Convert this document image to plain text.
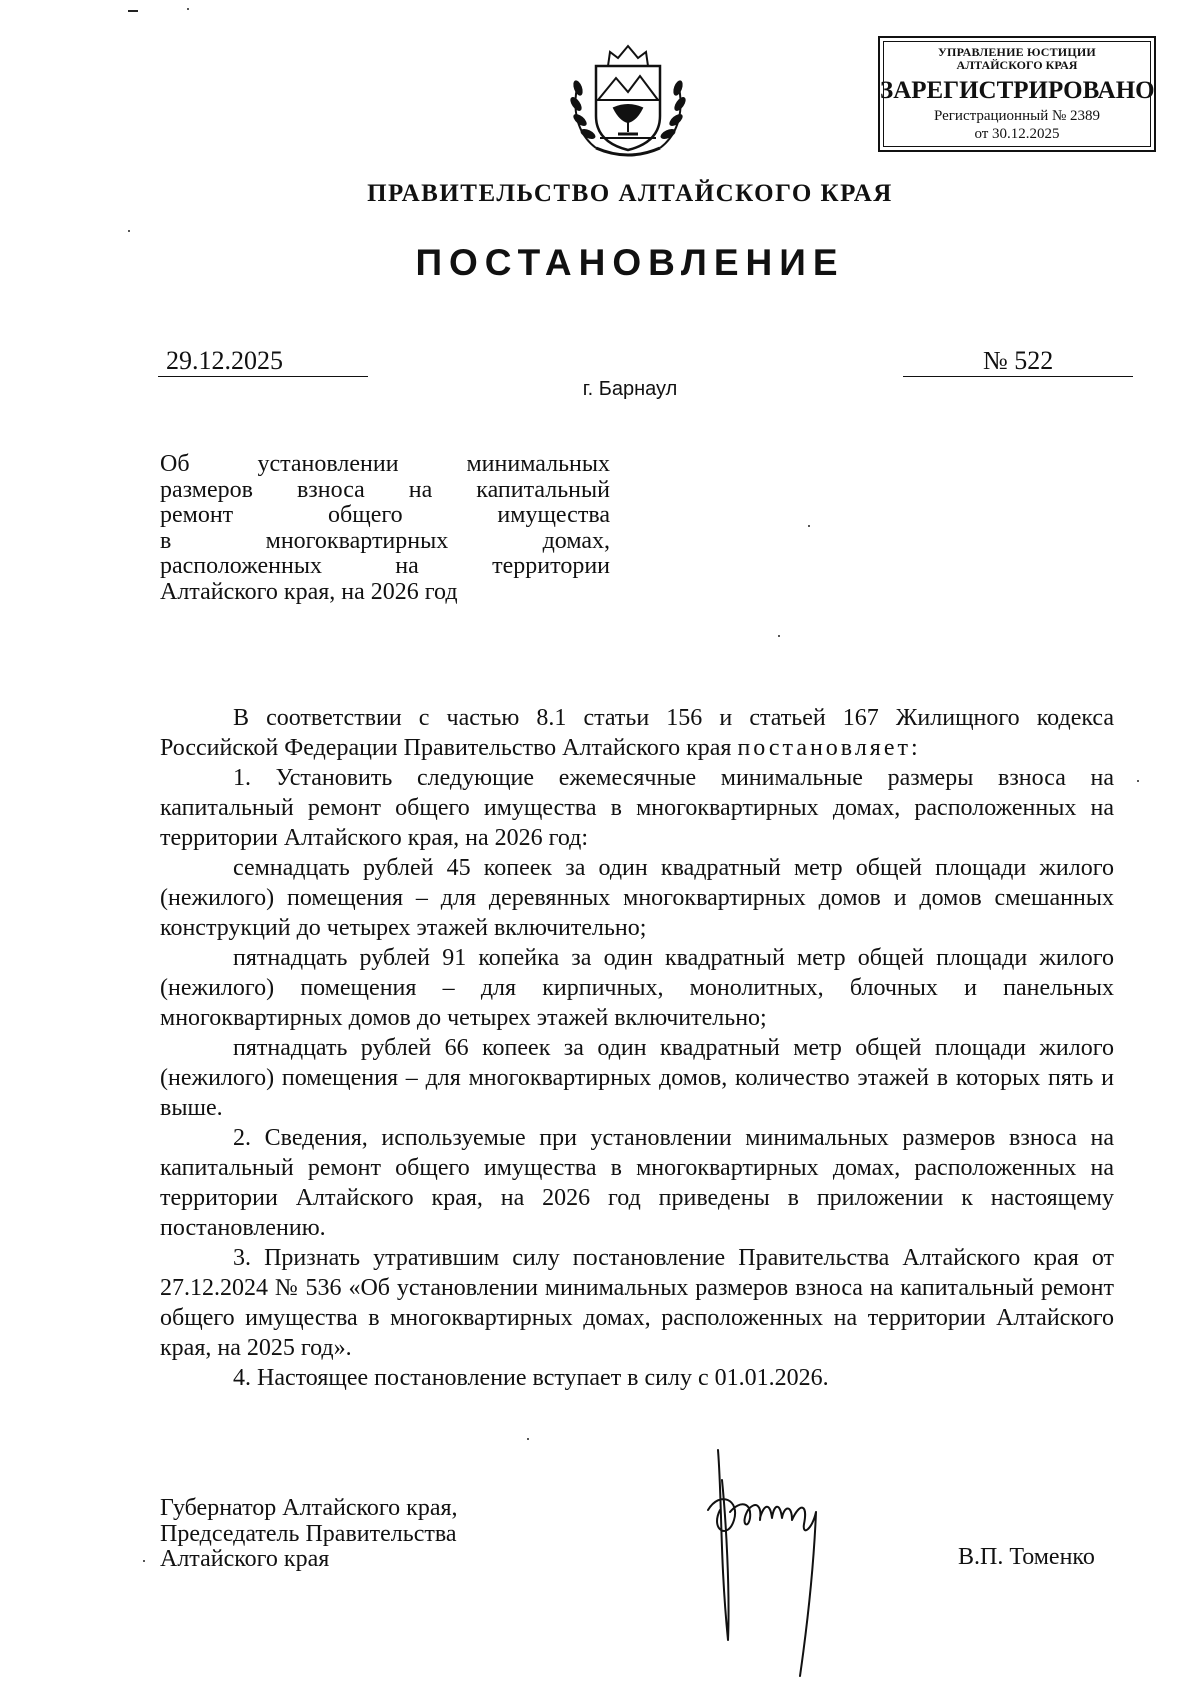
УПРАВЛЕНИЕ ЮСТИЦИИ
АЛТАЙСКОГО КРАЯ
ЗАРЕГИСТРИРОВАНО
Регистрационный № 2389
от 30.12.2025
ПРАВИТЕЛЬСТВО АЛТАЙСКОГО КРАЯ
ПОСТАНОВЛЕНИЕ
29.12.2025	№ 522
г. Барнаул
Об установлении минимальных
размеров взноса на капитальный
ремонт общего имущества
в многоквартирных домах,
расположенных на территории
Алтайского края, на 2026 год

В соответствии с частью 8.1 статьи 156 и статьей 167 Жилищного кодекса Российской Федерации Правительство Алтайского края постановляет:

1. Установить следующие ежемесячные минимальные размеры взноса на капитальный ремонт общего имущества в многоквартирных домах, расположенных на территории Алтайского края, на 2026 год:

семнадцать рублей 45 копеек за один квадратный метр общей площади жилого (нежилого) помещения – для деревянных многоквартирных домов и домов смешанных конструкций до четырех этажей включительно;

пятнадцать рублей 91 копейка за один квадратный метр общей площади жилого (нежилого) помещения – для кирпичных, монолитных, блочных и панельных многоквартирных домов до четырех этажей включительно;

пятнадцать рублей 66 копеек за один квадратный метр общей площади жилого (нежилого) помещения – для многоквартирных домов, количество этажей в которых пять и выше.

2. Сведения, используемые при установлении минимальных размеров взноса на капитальный ремонт общего имущества в многоквартирных домах, расположенных на территории Алтайского края, на 2026 год приведены в приложении к настоящему постановлению.

3. Признать утратившим силу постановление Правительства Алтайского края от 27.12.2024 № 536 «Об установлении минимальных размеров взноса на капитальный ремонт общего имущества в многоквартирных домах, расположенных на территории Алтайского края, на 2025 год».

4. Настоящее постановление вступает в силу с 01.01.2026.

Губернатор Алтайского края,
Председатель Правительства
Алтайского края	В.П. Томенко
